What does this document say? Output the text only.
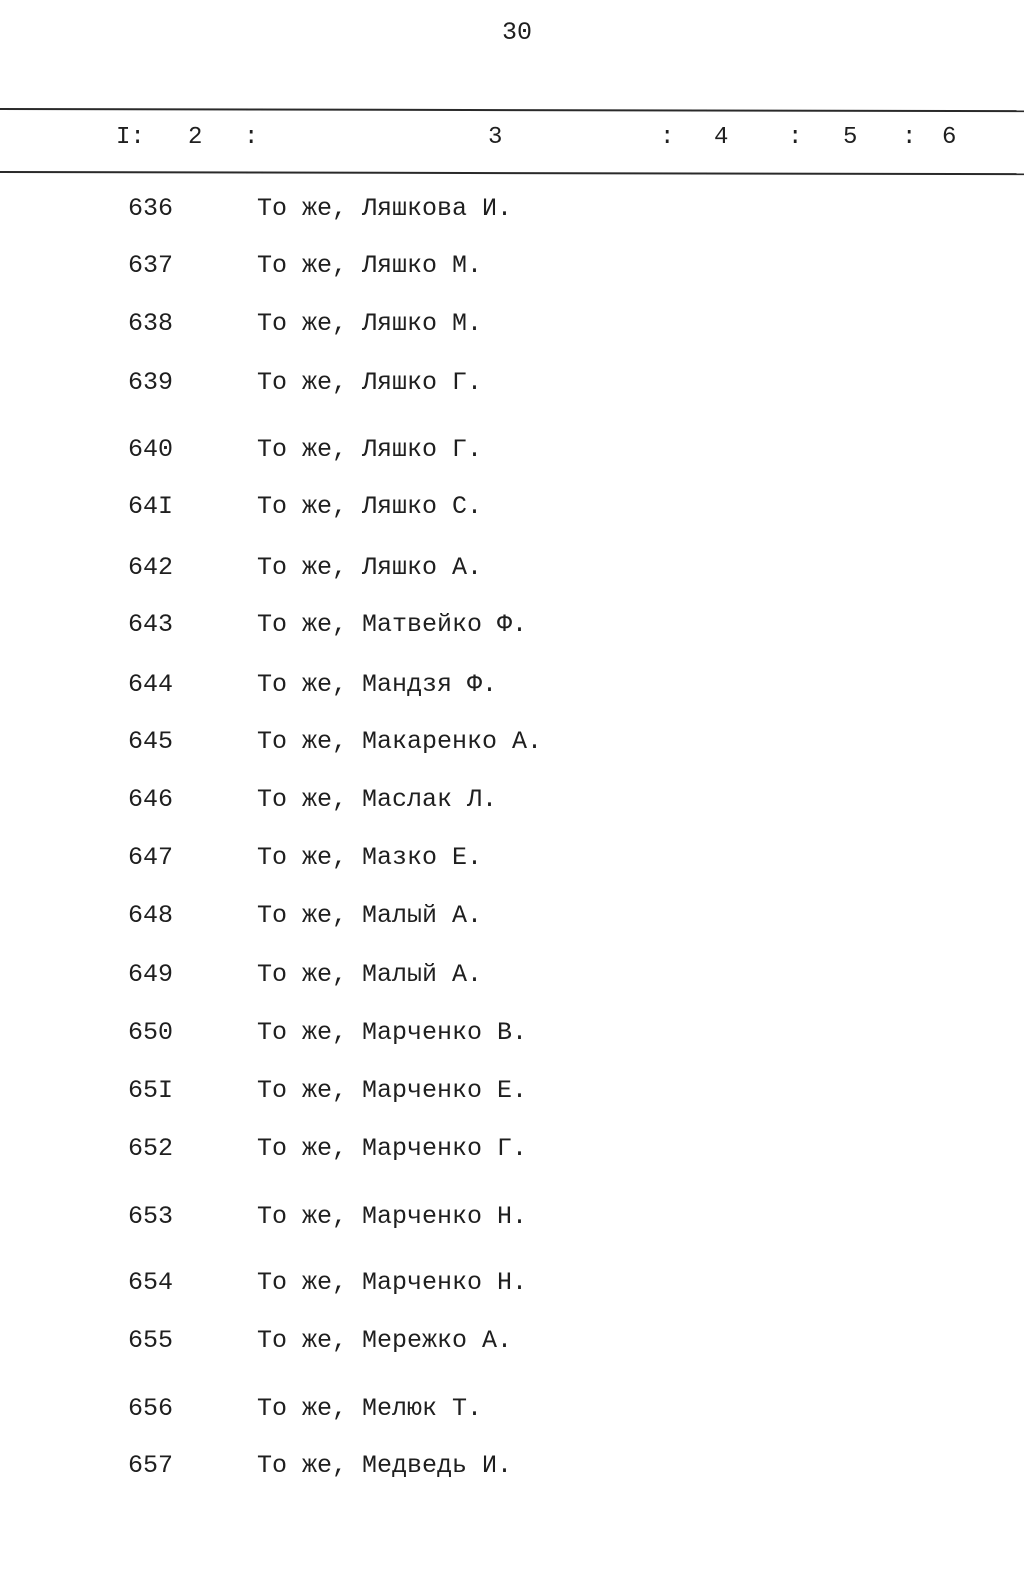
30
I: 2 :	3	: 4 : 5 : 6
636	То же, Ляшкова И.
637	То же, Ляшко М.
638	То же, Ляшко М.
639	То же, Ляшко Г.
640	То же, Ляшко Г.
64I	То же, Ляшко С.
642	То же, Ляшко А.
643	То же, Матвейко Ф.
644	То же, Мандзя Ф.
645	То же, Макаренко А.
646	То же, Маслак Л.
647	То же, Мазко Е.
648	То же, Малый А.
649	То же, Малый А.
650	То же, Марченко В.
65I	То же, Марченко Е.
652	То же, Марченко Г.
653	То же, Марченко Н.
654	То же, Марченко Н.
655	То же, Мережко А.
656	То же, Мелюк Т.
657	То же, Медведь И.
